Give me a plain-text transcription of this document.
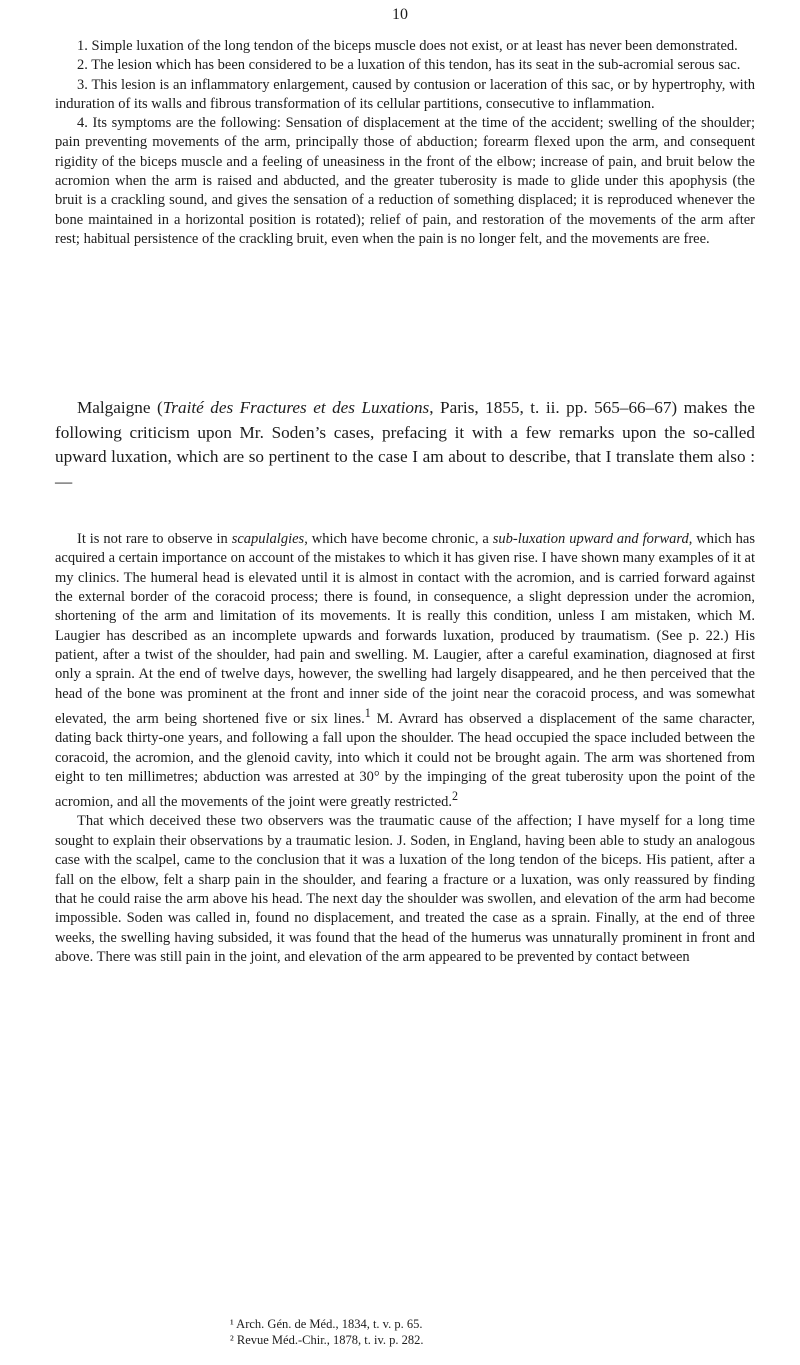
10

1. Simple luxation of the long tendon of the biceps muscle does not exist, or at least has never been demonstrated.

2. The lesion which has been considered to be a luxation of this tendon, has its seat in the sub-acromial serous sac.

3. This lesion is an inflammatory enlargement, caused by contusion or laceration of this sac, or by hypertrophy, with induration of its walls and fibrous transformation of its cellular partitions, consecutive to inflammation.

4. Its symptoms are the following: Sensation of displacement at the time of the accident; swelling of the shoulder; pain preventing movements of the arm, principally those of abduction; forearm flexed upon the arm, and consequent rigidity of the biceps muscle and a feeling of uneasiness in the front of the elbow; increase of pain, and bruit below the acromion when the arm is raised and abducted, and the greater tuberosity is made to glide under this apophysis (the bruit is a crackling sound, and gives the sensation of a reduction of something displaced; it is reproduced whenever the bone maintained in a horizontal position is rotated); relief of pain, and restoration of the movements of the arm after rest; habitual persistence of the crackling bruit, even when the pain is no longer felt, and the movements are free.

Malgaigne (Traité des Fractures et des Luxations, Paris, 1855, t. ii. pp. 565–66–67) makes the following criticism upon Mr. Soden’s cases, prefacing it with a few remarks upon the so-called upward luxation, which are so pertinent to the case I am about to describe, that I translate them also :—

It is not rare to observe in scapulalgies, which have become chronic, a sub-luxation upward and forward, which has acquired a certain importance on account of the mistakes to which it has given rise. I have shown many examples of it at my clinics. The humeral head is elevated until it is almost in contact with the acromion, and is carried forward against the external border of the coracoid process; there is found, in consequence, a slight depression under the acromion, shortening of the arm and limitation of its movements. It is really this condition, unless I am mistaken, which M. Laugier has described as an incomplete upwards and forwards luxation, produced by traumatism. (See p. 22.) His patient, after a twist of the shoulder, had pain and swelling. M. Laugier, after a careful examination, diagnosed at first only a sprain. At the end of twelve days, however, the swelling had largely disappeared, and he then perceived that the head of the bone was prominent at the front and inner side of the joint near the coracoid process, and was somewhat elevated, the arm being shortened five or six lines.$^1$ M. Avrard has observed a displacement of the same character, dating back thirty-one years, and following a fall upon the shoulder. The head occupied the space included between the coracoid, the acromion, and the glenoid cavity, into which it could not be brought again. The arm was shortened from eight to ten millimetres; abduction was arrested at 30° by the impinging of the great tuberosity upon the point of the acromion, and all the movements of the joint were greatly restricted.$^2$

That which deceived these two observers was the traumatic cause of the affection; I have myself for a long time sought to explain their observations by a traumatic lesion. J. Soden, in England, having been able to study an analogous case with the scalpel, came to the conclusion that it was a luxation of the long tendon of the biceps. His patient, after a fall on the elbow, felt a sharp pain in the shoulder, and fearing a fracture or a luxation, was only reassured by finding that he could raise the arm above his head. The next day the shoulder was swollen, and elevation of the arm had become impossible. Soden was called in, found no displacement, and treated the case as a sprain. Finally, at the end of three weeks, the swelling having subsided, it was found that the head of the humerus was unnaturally prominent in front and above. There was still pain in the joint, and elevation of the arm appeared to be prevented by contact between

¹ Arch. Gén. de Méd., 1834, t. v. p. 65.
² Revue Méd.-Chir., 1878, t. iv. p. 282.
